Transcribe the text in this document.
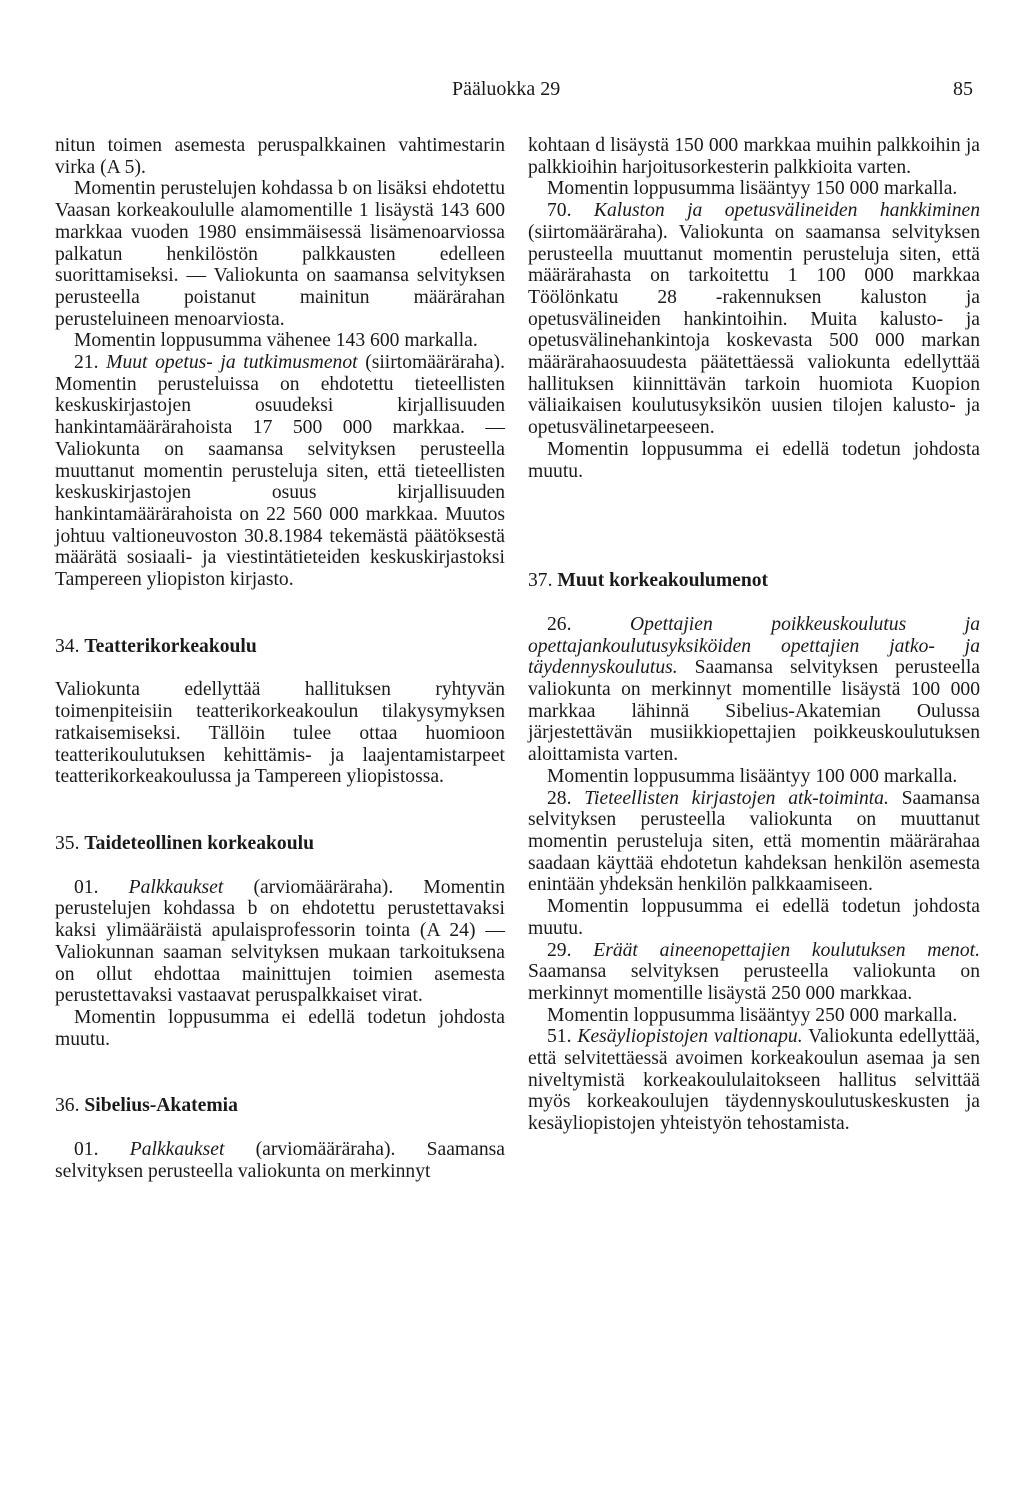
Pääluokka 29	85

nitun toimen asemesta peruspalkkainen vahtimestarin virka (A 5).

Momentin perustelujen kohdassa b on lisäksi ehdotettu Vaasan korkeakoululle alamomentille 1 lisäystä 143 600 markkaa vuoden 1980 ensimmäisessä lisämenoarviossa palkatun henkilöstön palkkausten edelleen suorittamiseksi. — Valiokunta on saamansa selvityksen perusteella poistanut mainitun määrärahan perusteluineen menoarviosta.

Momentin loppusumma vähenee 143 600 markalla.

21. Muut opetus- ja tutkimusmenot (siirtomääräraha). Momentin perusteluissa on ehdotettu tieteellisten keskuskirjastojen osuudeksi kirjallisuuden hankintamäärärahoista 17 500 000 markkaa. — Valiokunta on saamansa selvityksen perusteella muuttanut momentin perusteluja siten, että tieteellisten keskuskirjastojen osuus kirjallisuuden hankintamäärärahoista on 22 560 000 markkaa. Muutos johtuu valtioneuvoston 30.8.1984 tekemästä päätöksestä määrätä sosiaali- ja viestintätieteiden keskuskirjastoksi Tampereen yliopiston kirjasto.

34. Teatterikorkeakoulu

Valiokunta edellyttää hallituksen ryhtyvän toimenpiteisiin teatterikorkeakoulun tilakysymyksen ratkaisemiseksi. Tällöin tulee ottaa huomioon teatterikoulutuksen kehittämis- ja laajentamistarpeet teatterikorkeakoulussa ja Tampereen yliopistossa.

35. Taideteollinen korkeakoulu

01. Palkkaukset (arviomääräraha). Momentin perustelujen kohdassa b on ehdotettu perustettavaksi kaksi ylimääräistä apulaisprofessorin tointa (A 24) — Valiokunnan saaman selvityksen mukaan tarkoituksena on ollut ehdottaa mainittujen toimien asemesta perustettavaksi vastaavat peruspalkkaiset virat.

Momentin loppusumma ei edellä todetun johdosta muutu.

36. Sibelius-Akatemia

01. Palkkaukset (arviomääräraha). Saamansa selvityksen perusteella valiokunta on merkinnyt

kohtaan d lisäystä 150 000 markkaa muihin palkkoihin ja palkkioihin harjoitusorkesterin palkkioita varten.

Momentin loppusumma lisääntyy 150 000 markalla.

70. Kaluston ja opetusvälineiden hankkiminen (siirtomääräraha). Valiokunta on saamansa selvityksen perusteella muuttanut momentin perusteluja siten, että määrärahasta on tarkoitettu 1 100 000 markkaa Töölönkatu 28 -rakennuksen kaluston ja opetusvälineiden hankintoihin. Muita kalusto- ja opetusvälinehankintoja koskevasta 500 000 markan määrärahaosuudesta päätettäessä valiokunta edellyttää hallituksen kiinnittävän tarkoin huomiota Kuopion väliaikaisen koulutusyksikön uusien tilojen kalusto- ja opetusvälinetarpeeseen.

Momentin loppusumma ei edellä todetun johdosta muutu.

37. Muut korkeakoulumenot

26.	Opettajien poikkeuskoulutus ja opettajankoulutusyksiköiden opettajien jatko- ja täydennyskoulutus. Saamansa selvityksen perusteella valiokunta on merkinnyt momentille lisäystä 100 000 markkaa lähinnä Sibelius-Akatemian Oulussa järjestettävän musiikkiopettajien poikkeuskoulutuksen aloittamista varten.

Momentin loppusumma lisääntyy 100 000 markalla.

28. Tieteellisten kirjastojen atk-toiminta. Saamansa selvityksen perusteella valiokunta on muuttanut momentin perusteluja siten, että momentin määrärahaa saadaan käyttää ehdotetun kahdeksan henkilön asemesta enintään yhdeksän henkilön palkkaamiseen.

Momentin loppusumma ei edellä todetun johdosta muutu.

29. Eräät aineenopettajien koulutuksen menot. Saamansa selvityksen perusteella valiokunta on merkinnyt momentille lisäystä 250 000 markkaa.

Momentin loppusumma lisääntyy 250 000 markalla.

51. Kesäyliopistojen valtionapu. Valiokunta edellyttää, että selvitettäessä avoimen korkeakoulun asemaa ja sen niveltymistä korkeakoululaitokseen hallitus selvittää myös korkeakoulujen täydennyskoulutuskeskusten ja kesäyliopistojen yhteistyön tehostamista.
